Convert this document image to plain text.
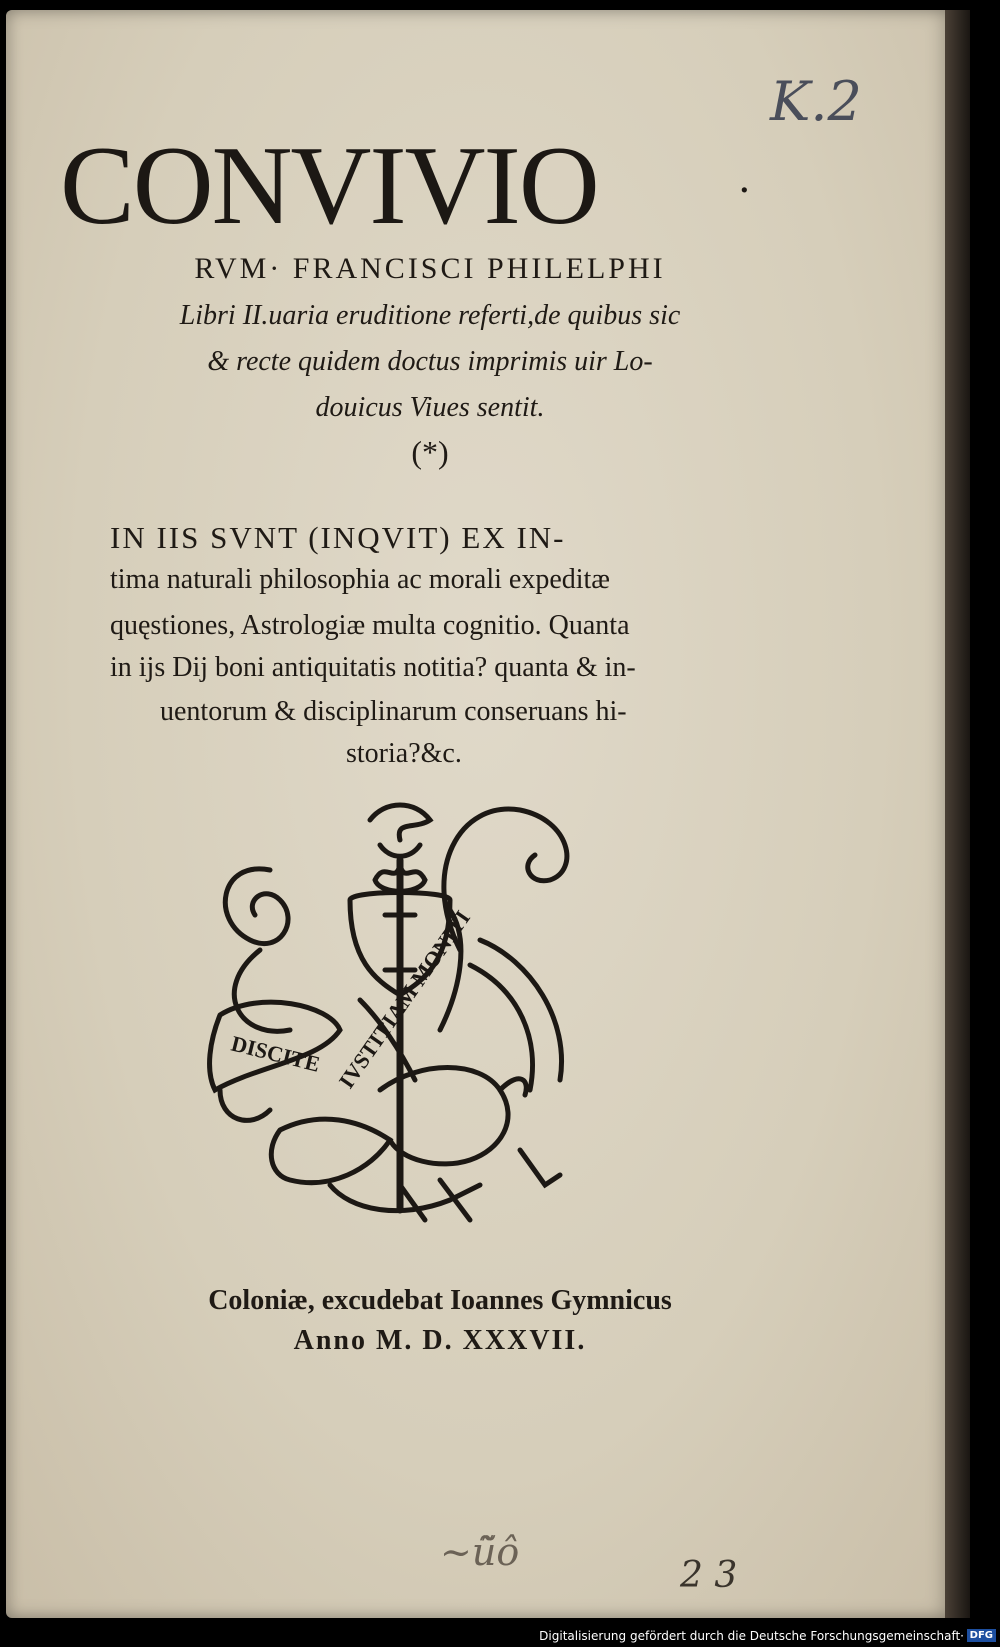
K.2
CONVIVIO	·
RVM· FRANCISCI PHILELPHI
Libri II.uaria eruditione referti,de quibus sic
& recte quidem doctus imprimis uir Lo-
douicus Viues sentit.
(*)
IN IIS SVNT (INQVIT) EX IN-
tima naturali philosophia ac morali expeditæ
quęstiones, Astrologiæ multa cognitio. Quanta
in ijs Dij boni antiquitatis notitia? quanta & in-
uentorum & disciplinarum conseruans hi-
storia?&c.
DISCITE IVSTITIAM MONITI
Coloniæ, excudebat Ioannes Gymnicus
Anno M. D. XXXVII.
~ũ̃ô
2 3
Digitalisierung gefördert durch die Deutsche Forschungsgemeinschaft· DFG
